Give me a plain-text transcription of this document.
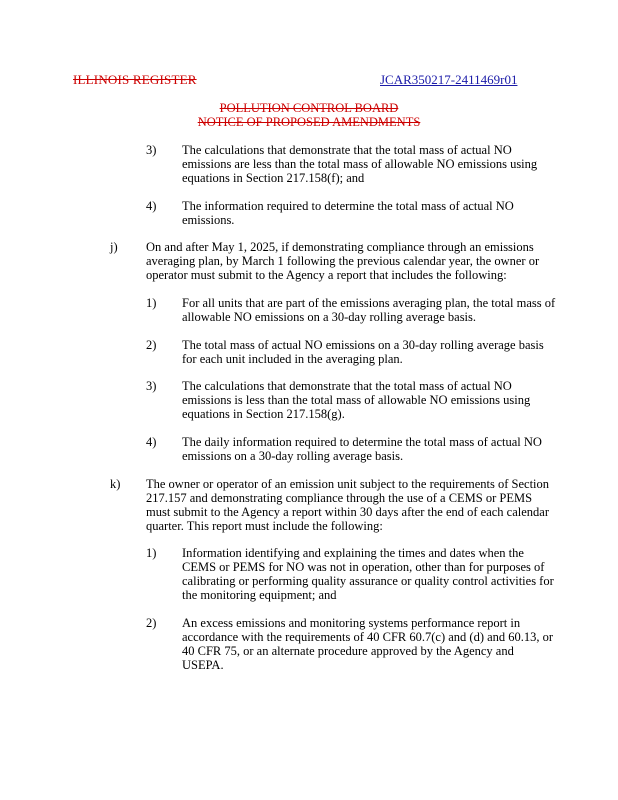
ILLINOIS REGISTER	JCAR350217-2411469r01
POLLUTION CONTROL BOARD
NOTICE OF PROPOSED AMENDMENTS
3) The calculations that demonstrate that the total mass of actual NO
emissions are less than the total mass of allowable NO emissions using
equations in Section 217.158(f); and
4) The information required to determine the total mass of actual NO
emissions.
j) On and after May 1, 2025, if demonstrating compliance through an emissions
averaging plan, by March 1 following the previous calendar year, the owner or
operator must submit to the Agency a report that includes the following:
1) For all units that are part of the emissions averaging plan, the total mass of
allowable NO emissions on a 30-day rolling average basis.
2) The total mass of actual NO emissions on a 30-day rolling average basis
for each unit included in the averaging plan.
3) The calculations that demonstrate that the total mass of actual NO
emissions is less than the total mass of allowable NO emissions using
equations in Section 217.158(g).
4) The daily information required to determine the total mass of actual NO
emissions on a 30-day rolling average basis.
k) The owner or operator of an emission unit subject to the requirements of Section
217.157 and demonstrating compliance through the use of a CEMS or PEMS
must submit to the Agency a report within 30 days after the end of each calendar
quarter. This report must include the following:
1) Information identifying and explaining the times and dates when the
CEMS or PEMS for NO was not in operation, other than for purposes of
calibrating or performing quality assurance or quality control activities for
the monitoring equipment; and
2) An excess emissions and monitoring systems performance report in
accordance with the requirements of 40 CFR 60.7(c) and (d) and 60.13, or
40 CFR 75, or an alternate procedure approved by the Agency and
USEPA.
